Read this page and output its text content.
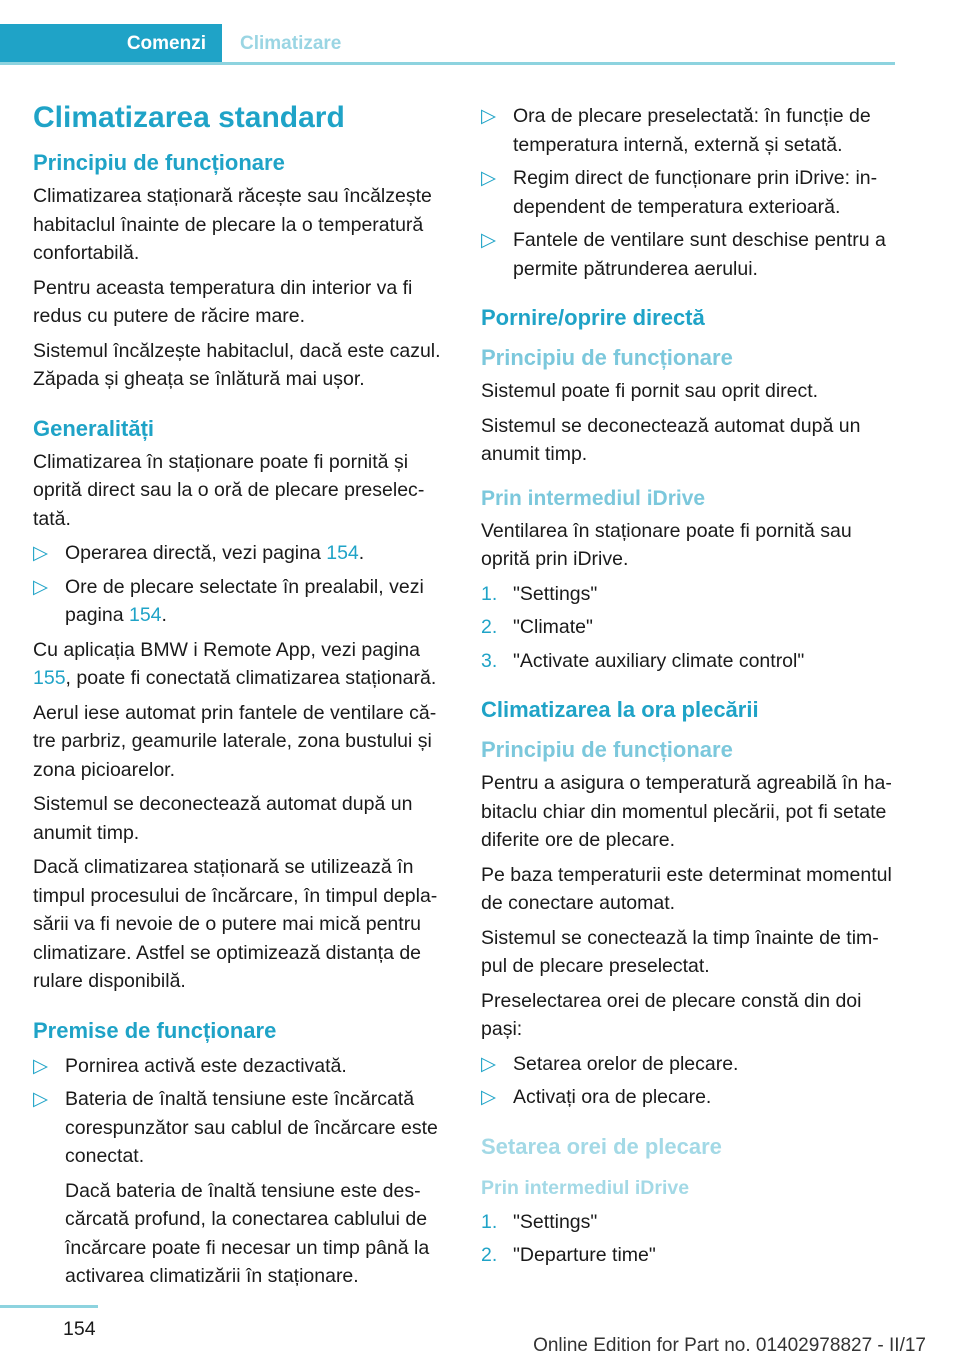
Comenzi	Climatizare
Climatizarea standard
Principiu de funcționare

Climatizarea staționară răcește sau încălzește habitaclul înainte de plecare la o temperatură confortabilă.

Pentru aceasta temperatura din interior va fi redus cu putere de răcire mare.

Sistemul încălzește habitaclul, dacă este cazul. Zăpada și gheața se înlătură mai ușor.

Generalități

Climatizarea în staționare poate fi pornită și oprită direct sau la o oră de plecare preselectată.

▷ Operarea directă, vezi pagina 154.
▷ Ore de plecare selectate în prealabil, vezi pagina 154.

Cu aplicația BMW i Remote App, vezi pagina 155, poate fi conectată climatizarea staționară.

Aerul iese automat prin fantele de ventilare către parbriz, geamurile laterale, zona bustului și zona picioarelor.

Sistemul se deconectează automat după un anumit timp.

Dacă climatizarea staționară se utilizează în timpul procesului de încărcare, în timpul deplasării va fi nevoie de o putere mai mică pentru climatizare. Astfel se optimizează distanța de rulare disponibilă.

Premise de funcționare
▷ Pornirea activă este dezactivată.
▷ Bateria de înaltă tensiune este încărcată corespunzător sau cablul de încărcare este conectat.

Dacă bateria de înaltă tensiune este descărcată profund, la conectarea cablului de încărcare poate fi necesar un timp până la activarea climatizării în staționare.

▷ Ora de plecare preselectată: în funcție de temperatura internă, externă și setată.
▷ Regim direct de funcționare prin iDrive: independent de temperatura exterioară.
▷ Fantele de ventilare sunt deschise pentru a permite pătrunderea aerului.
Pornire/oprire directă
Principiu de funcționare

Sistemul poate fi pornit sau oprit direct.

Sistemul se deconectează automat după un anumit timp.

Prin intermediul iDrive

Ventilarea în staționare poate fi pornită sau oprită prin iDrive.

1. "Settings"
2. "Climate"
3. "Activate auxiliary climate control"
Climatizarea la ora plecării
Principiu de funcționare

Pentru a asigura o temperatură agreabilă în habitaclu chiar din momentul plecării, pot fi setate diferite ore de plecare.

Pe baza temperaturii este determinat momentul de conectare automat.

Sistemul se conectează la timp înainte de timpul de plecare preselectat.

Preselectarea orei de plecare constă din doi pași:

▷ Setarea orelor de plecare.
▷ Activați ora de plecare.
Setarea orei de plecare
Prin intermediul iDrive
1. "Settings"
2. "Departure time"
154
Online Edition for Part no. 01402978827 - II/17
